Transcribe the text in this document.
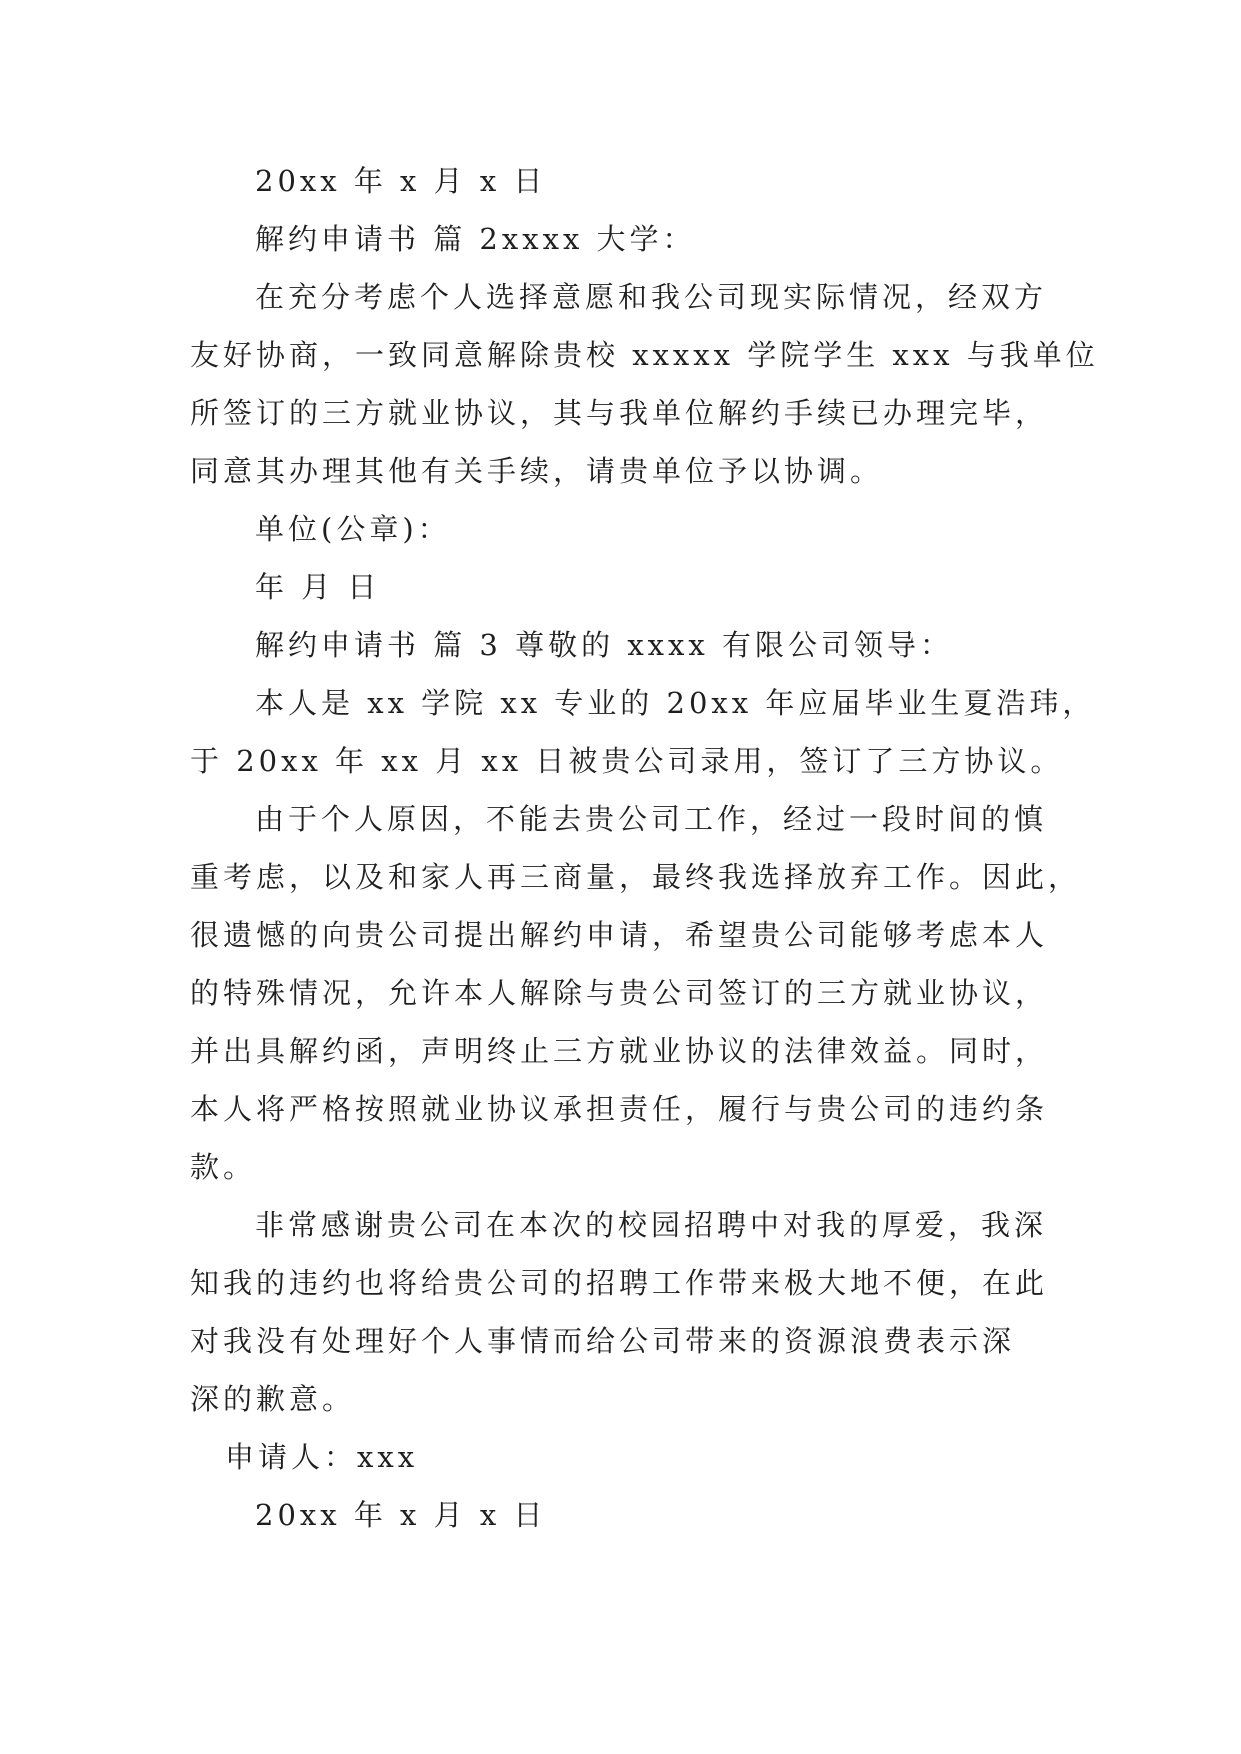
20xx 年 x 月 x 日
解约申请书 篇 2xxxx 大学：
在充分考虑个人选择意愿和我公司现实际情况，经双方
友好协商，一致同意解除贵校 xxxxx 学院学生 xxx 与我单位
所签订的三方就业协议，其与我单位解约手续已办理完毕，
同意其办理其他有关手续，请贵单位予以协调。
单位(公章)：
年 月 日
解约申请书 篇 3 尊敬的 xxxx 有限公司领导：
本人是 xx 学院 xx 专业的 20xx 年应届毕业生夏浩玮，
于 20xx 年 xx 月 xx 日被贵公司录用，签订了三方协议。
由于个人原因，不能去贵公司工作，经过一段时间的慎
重考虑，以及和家人再三商量，最终我选择放弃工作。因此，
很遗憾的向贵公司提出解约申请，希望贵公司能够考虑本人
的特殊情况，允许本人解除与贵公司签订的三方就业协议，
并出具解约函，声明终止三方就业协议的法律效益。同时，
本人将严格按照就业协议承担责任，履行与贵公司的违约条
款。
非常感谢贵公司在本次的校园招聘中对我的厚爱，我深
知我的违约也将给贵公司的招聘工作带来极大地不便，在此
对我没有处理好个人事情而给公司带来的资源浪费表示深
深的歉意。
申请人：xxx
20xx 年 x 月 x 日
